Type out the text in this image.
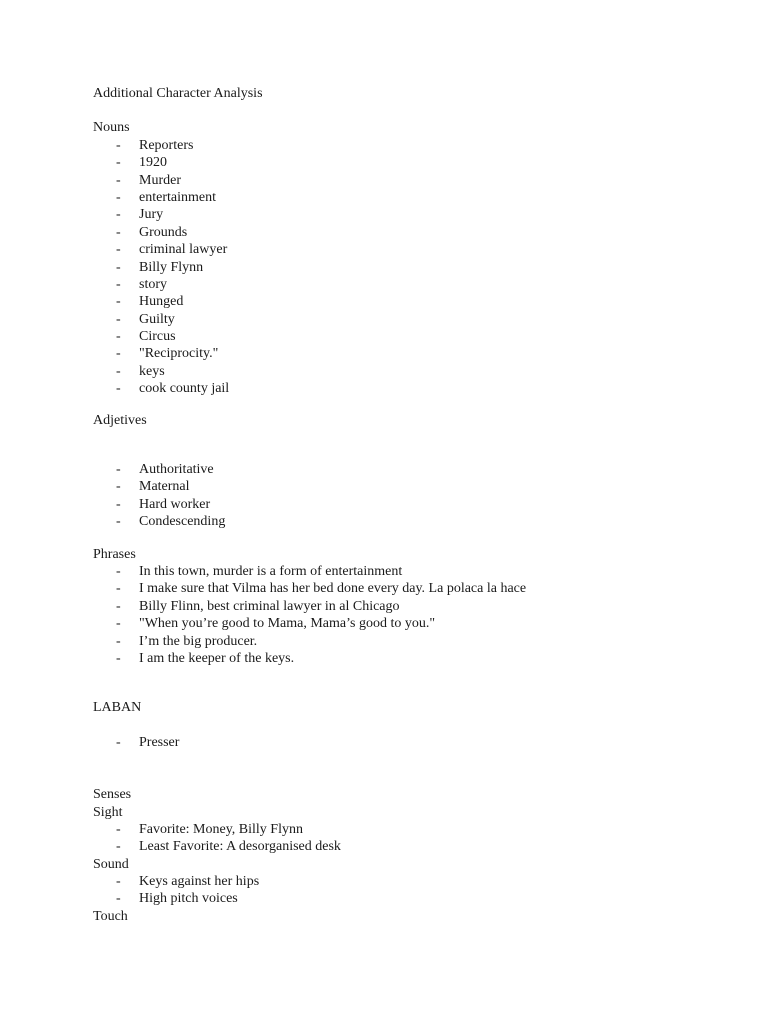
Additional Character Analysis
Nouns
- Reporters
- 1920
- Murder
- entertainment
- Jury
- Grounds
- criminal lawyer
- Billy Flynn
- story
- Hunged
- Guilty
- Circus
- "Reciprocity."
- keys
- cook county jail
Adjetives
- Authoritative
- Maternal
- Hard worker
- Condescending
Phrases
- In this town, murder is a form of entertainment
- I make sure that Vilma has her bed done every day. La polaca la hace
- Billy Flinn, best criminal lawyer in al Chicago
- "When you’re good to Mama, Mama’s good to you."
- I’m the big producer.
- I am the keeper of the keys.
LABAN
- Presser
Senses
Sight
- Favorite: Money, Billy Flynn
- Least Favorite: A desorganised desk
Sound
- Keys against her hips
- High pitch voices
Touch
